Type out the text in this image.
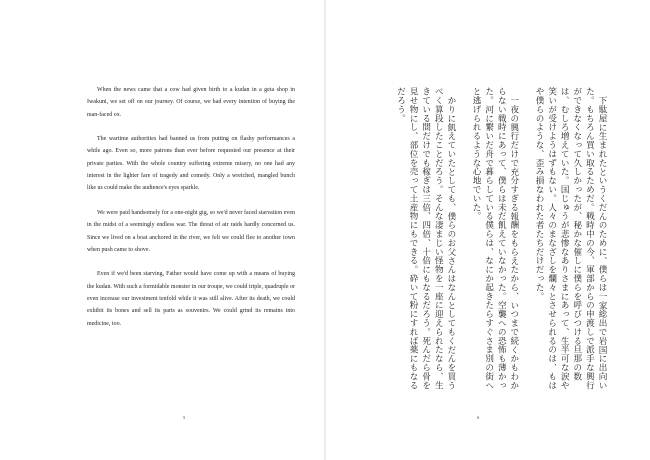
When the news came that a cow had given birth to a kudan in a geta shop in Iwakuni, we set off on our journey. Of course, we had every intention of buying the man-faced ox.

The wartime authorities had banned us from putting on flashy performances a while ago. Even so, more patrons than ever before requested our presence at their private parties. With the whole country suffering extreme misery, no one had any interest in the lighter fare of tragedy and comedy. Only a wretched, mangled bunch like us could make the audience's eyes sparkle.

We were paid handsomely for a one-night gig, so we'd never faced starvation even in the midst of a seemingly endless war. The threat of air raids hardly concerned us. Since we lived on a boat anchored in the river, we felt we could flee to another town when push came to shove.

Even if we'd been starving, Father would have come up with a means of buying the kudan. With such a formidable monster in our troupe, we could triple, quadruple or even increase our investment tenfold while it was still alive. After its death, we could exhibit its bones and sell its parts as souvenirs. We could grind its remains into medicine, too.

5

下駄屋に生まれたというくだんのために、僕らは一家総出で岩国に出向いた。もちろん買い取るためだ。戦時中の今、軍部からの申渡しで派手な興行ができなくなって久しかったが、秘かな催しに僕らを呼びつける旦那の数は、むしろ増えていた。国じゅうが悲惨なありさまにあって、生半可な涙や笑いが受けようはずもない。人々のまなざしを爛々とさせられるのは、もはや僕らのような、歪み損なわれた者たちだけだった。

一夜の興行だけで充分すぎる報酬をもらえたから、いつまで続くかもわからない戦時にあって、僕らは未だ飢えていなかった。空襲への恐怖も薄かった。河に繋いだ舟で暮らしている僕らは、なにか起きたらすぐさま別の街へと逃げられるような心地でいた。

かりに飢えていたとしても、僕らのお父さんはなんとしてもくだんを買うべく算段したことだろう。そんな凄まじい怪物を一座に迎えられたなら、生きている間だけでも稼ぎは三倍、四倍、十倍にもなるだろう。死んだら骨を見せ物にし、部位を売って土産物にもできる。砕いて粉にすれば薬にもなるだろう。

6
